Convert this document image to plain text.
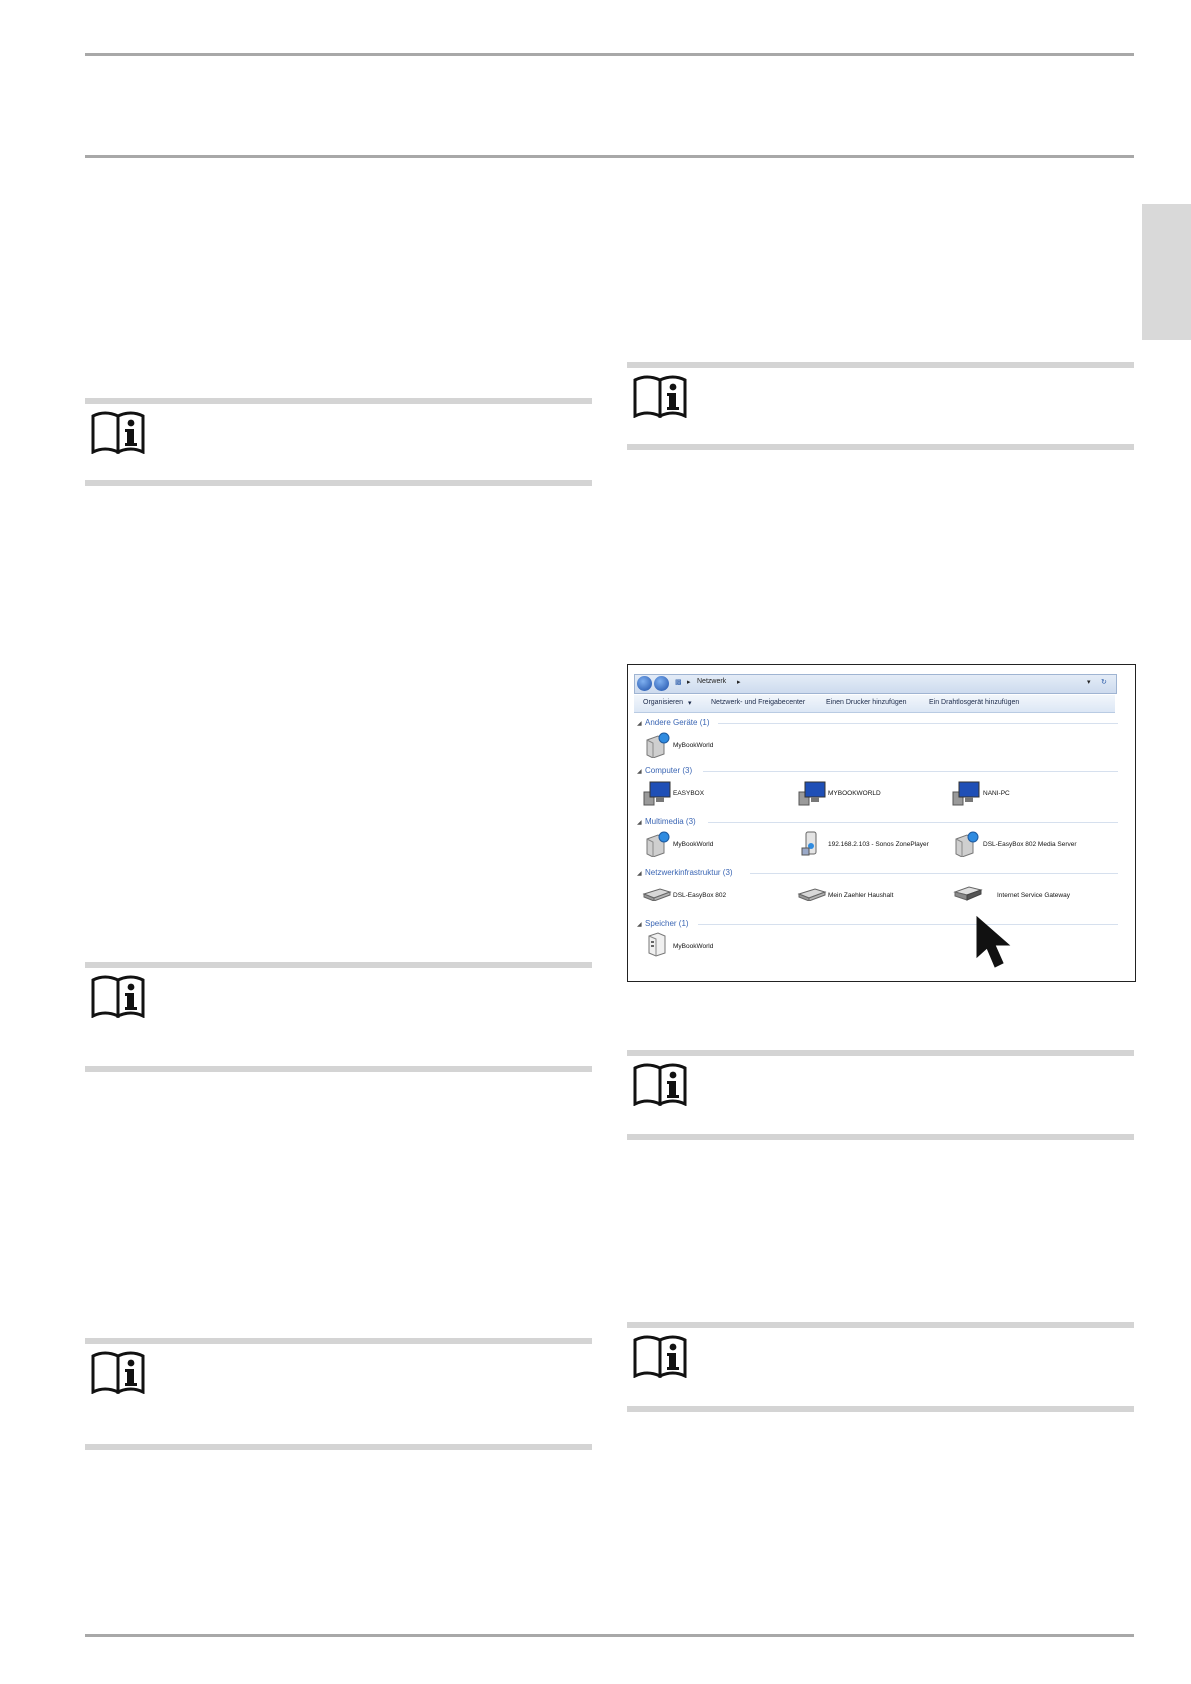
▩ ▸ Netzwerk ▸	▾ ↻
Organisieren ▾	Netzwerk- und Freigabecenter	Einen Drucker hinzufügen	Ein Drahtlosgerät hinzufügen
◢ Andere Geräte (1)
MyBookWorld
◢ Computer (3)
EASYBOX	MYBOOKWORLD	NANI-PC
◢ Multimedia (3)
MyBookWorld	192.168.2.103 - Sonos ZonePlayer	DSL-EasyBox 802 Media Server
◢ Netzwerkinfrastruktur (3)
DSL-EasyBox 802	Mein Zaehler Haushalt	Internet Service Gateway
◢ Speicher (1)
MyBookWorld
